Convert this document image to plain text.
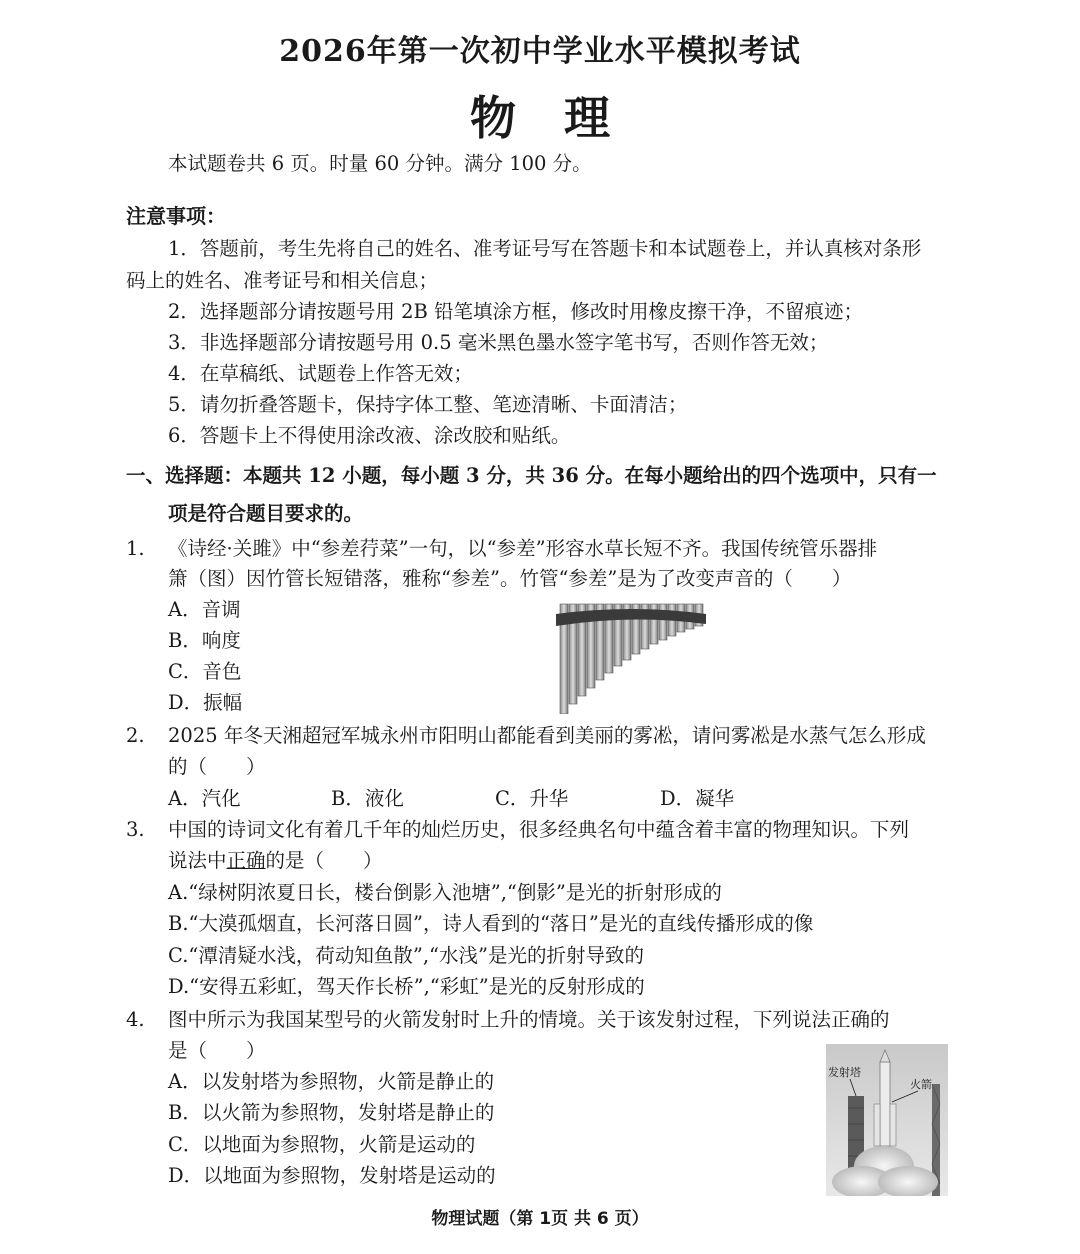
2026年第一次初中学业水平模拟考试
物理
本试题卷共 6 页。时量 60 分钟。满分 100 分。
注意事项：
1．答题前，考生先将自己的姓名、准考证号写在答题卡和本试题卷上，并认真核对条形
码上的姓名、准考证号和相关信息；
2．选择题部分请按题号用 2B 铅笔填涂方框，修改时用橡皮擦干净，不留痕迹；
3．非选择题部分请按题号用 0.5 毫米黑色墨水签字笔书写，否则作答无效；
4．在草稿纸、试题卷上作答无效；
5．请勿折叠答题卡，保持字体工整、笔迹清晰、卡面清洁；
6．答题卡上不得使用涂改液、涂改胶和贴纸。
一、选择题：本题共 12 小题，每小题 3 分，共 36 分。在每小题给出的四个选项中，只有一
项是符合题目要求的。
1. 《诗经·关雎》中“参差荇菜”一句，以“参差”形容水草长短不齐。我国传统管乐器排
箫（图）因竹管长短错落，雅称“参差”。竹管“参差”是为了改变声音的（　　）
A．音调
B．响度
C．音色
D．振幅
2. 2025 年冬天湘超冠军城永州市阳明山都能看到美丽的雾凇，请问雾凇是水蒸气怎么形成
的（　　）
A．汽化	B．液化	C．升华	D．凝华
3. 中国的诗词文化有着几千年的灿烂历史，很多经典名句中蕴含着丰富的物理知识。下列
说法中正确的是（　　）
A.“绿树阴浓夏日长，楼台倒影入池塘”,“倒影”是光的折射形成的
B.“大漠孤烟直，长河落日圆”，诗人看到的“落日”是光的直线传播形成的像
C.“潭清疑水浅，荷动知鱼散”,“水浅”是光的折射导致的
D.“安得五彩虹，驾天作长桥”,“彩虹”是光的反射形成的
4. 图中所示为我国某型号的火箭发射时上升的情境。关于该发射过程，下列说法正确的
是（　　）
A．以发射塔为参照物，火箭是静止的
B．以火箭为参照物，发射塔是静止的
C．以地面为参照物，火箭是运动的
D．以地面为参照物，发射塔是运动的
发射塔
火箭
物理试题（第 1页 共 6 页）
